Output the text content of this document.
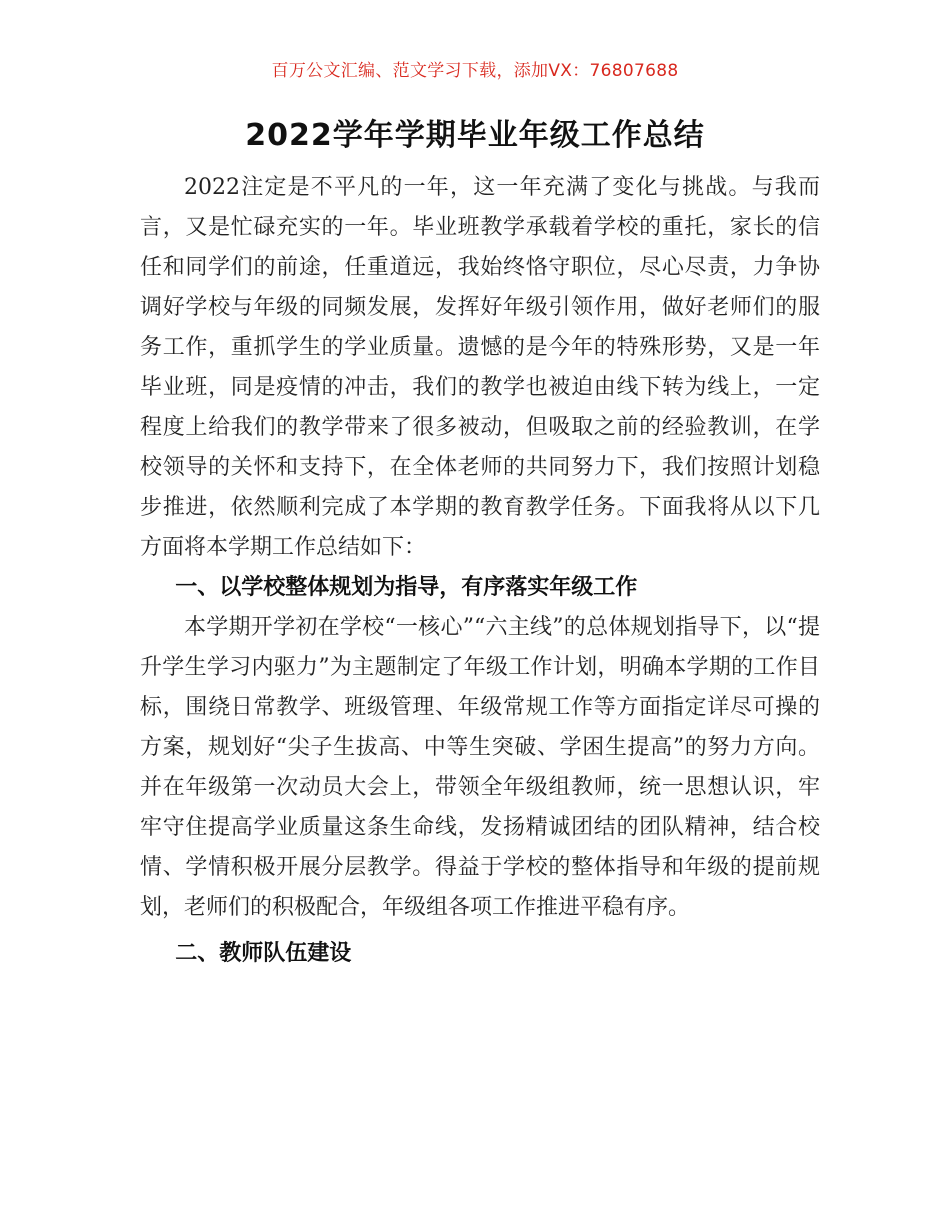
百万公文汇编、范文学习下载，添加VX：76807688
2022学年学期毕业年级工作总结

2022注定是不平凡的一年，这一年充满了变化与挑战。与我而言，又是忙碌充实的一年。毕业班教学承载着学校的重托，家长的信任和同学们的前途，任重道远，我始终恪守职位，尽心尽责，力争协调好学校与年级的同频发展，发挥好年级引领作用，做好老师们的服务工作，重抓学生的学业质量。遗憾的是今年的特殊形势，又是一年毕业班，同是疫情的冲击，我们的教学也被迫由线下转为线上，一定程度上给我们的教学带来了很多被动，但吸取之前的经验教训，在学校领导的关怀和支持下，在全体老师的共同努力下，我们按照计划稳步推进，依然顺利完成了本学期的教育教学任务。下面我将从以下几方面将本学期工作总结如下：

一、以学校整体规划为指导，有序落实年级工作

本学期开学初在学校“一核心”“六主线”的总体规划指导下，以“提升学生学习内驱力”为主题制定了年级工作计划，明确本学期的工作目标，围绕日常教学、班级管理、年级常规工作等方面指定详尽可操的方案，规划好“尖子生拔高、中等生突破、学困生提高”的努力方向。并在年级第一次动员大会上，带领全年级组教师，统一思想认识，牢牢守住提高学业质量这条生命线，发扬精诚团结的团队精神，结合校情、学情积极开展分层教学。得益于学校的整体指导和年级的提前规划，老师们的积极配合，年级组各项工作推进平稳有序。

二、教师队伍建设
